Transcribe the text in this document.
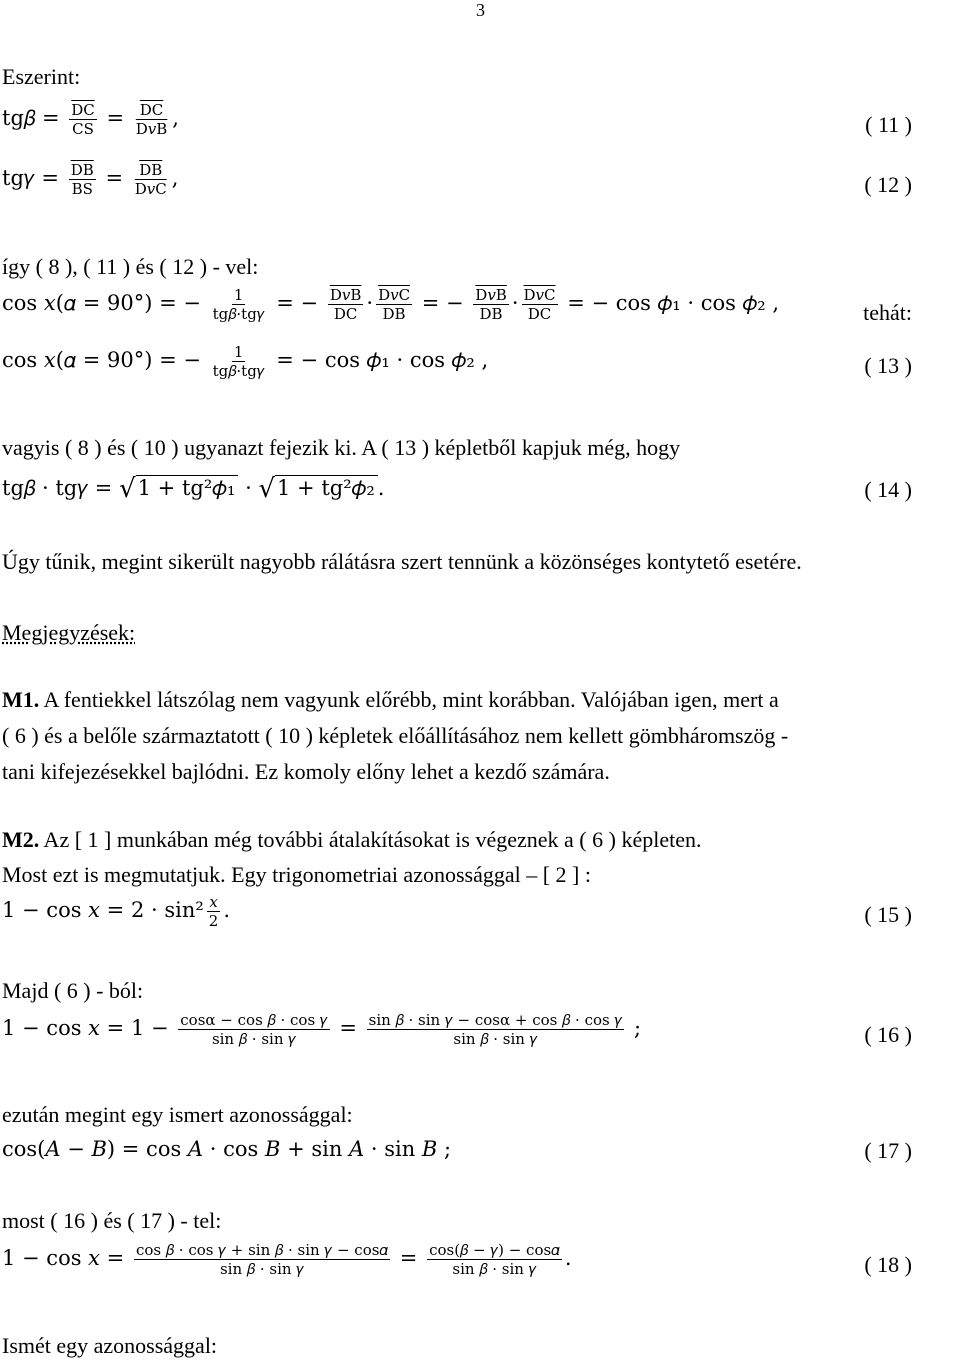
3
Eszerint:
tg𝛽 = $\frac{\overline{DC}}{CS} = \frac{\overline{DC}}{\text{D𝑣B}}$ ,	( 11 )
tg𝛾 = $\frac{\overline{DB}}{BS} = \frac{\overline{DB}}{\text{D𝑣C}}$ ,	( 12 )
így ( 8 ), ( 11 ) és ( 12 ) - vel:
cos 𝑥(𝛼 = 90°) = − $\frac{1}{\text{tg𝛽·tg𝛾}}$ = − $\frac{\text{D𝑣B}}{DC} \cdot \frac{\text{D𝑣C}}{DB}$ = − $\frac{\text{D𝑣B}}{DB} \cdot \frac{\text{D𝑣C}}{DC}$ = − cos 𝜙₁ · cos 𝜙₂ ,	tehát:
cos 𝑥(𝛼 = 90°) = − $\frac{1}{\text{tg𝛽·tg𝛾}}$ = − cos 𝜙₁ · cos 𝜙₂ ,	( 13 )
vagyis ( 8 ) és ( 10 ) ugyanazt fejezik ki. A ( 13 ) képletből kapjuk még, hogy
tg𝛽 · tg𝛾 = √1 + tg²𝜙₁ · √1 + tg²𝜙₂ .	( 14 )
Úgy tűnik, megint sikerült nagyobb rálátásra szert tennünk a közönséges kontytető esetére.
Megjegyzések:
M1. A fentiekkel látszólag nem vagyunk előrébb, mint korábban. Valójában igen, mert a
( 6 ) és a belőle származtatott ( 10 ) képletek előállításához nem kellett gömbháromszög -
tani kifejezésekkel bajlódni. Ez komoly előny lehet a kezdő számára.
M2. Az [ 1 ] munkában még további átalakításokat is végeznek a ( 6 ) képleten.
Most ezt is megmutatjuk. Egy trigonometriai azonossággal – [ 2 ] :
1 − cos 𝑥 = $2 \cdot \sin^2 \frac{\text{𝑥}}{2}$ .	( 15 )
Majd ( 6 ) - ból:
1 − cos 𝑥 = $1 - \frac{\text{cosα − cos 𝛽 · cos 𝛾}}{\text{sin 𝛽 · sin 𝛾}} = \frac{\text{sin 𝛽 · sin 𝛾 − cosα + cos 𝛽 · cos 𝛾}}{\text{sin 𝛽 · sin 𝛾}}$ ;	( 16 )
ezután megint egy ismert azonossággal:
cos(𝐴 − 𝐵) = cos 𝐴 · cos 𝐵 + sin 𝐴 · sin 𝐵 ;	( 17 )
most ( 16 ) és ( 17 ) - tel:
1 − cos 𝑥 = $\frac{\text{cos 𝛽 · cos 𝛾 + sin 𝛽 · sin 𝛾 − cos𝛼}}{\text{sin 𝛽 · sin 𝛾}} = \frac{\text{cos(𝛽 − 𝛾) − cos𝛼}}{\text{sin 𝛽 · sin 𝛾}}$ .	( 18 )
Ismét egy azonossággal:
